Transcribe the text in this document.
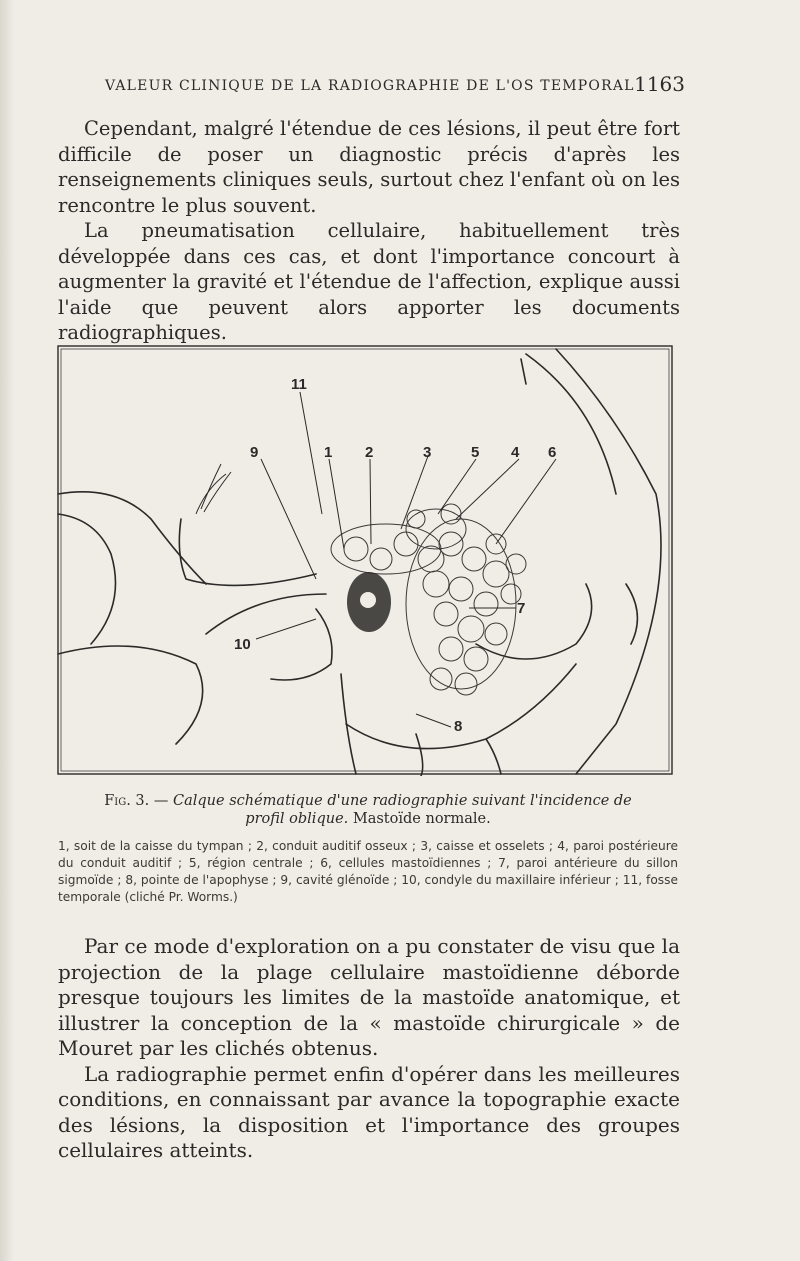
VALEUR CLINIQUE DE LA RADIOGRAPHIE DE L'OS TEMPORAL 1163

Cependant, malgré l'étendue de ces lésions, il peut être fort difficile de poser un diagnostic précis d'après les renseignements cliniques seuls, surtout chez l'enfant où on les rencontre le plus souvent.

La pneumatisation cellulaire, habituellement très développée dans ces cas, et dont l'importance concourt à augmenter la gravité et l'étendue de l'affection, explique aussi l'aide que peuvent alors apporter les documents radiographiques.

11
9	1 2	3	5 4 6
7
10
8
Fig. 3. — Calque schématique d'une radiographie suivant l'incidence de profil oblique. Mastoïde normale.
1, soit de la caisse du tympan ; 2, conduit auditif osseux ; 3, caisse et osselets ; 4, paroi postérieure du conduit auditif ; 5, région centrale ; 6, cellules mastoïdiennes ; 7, paroi antérieure du sillon sigmoïde ; 8, pointe de l'apophyse ; 9, cavité glénoïde ; 10, condyle du maxillaire inférieur ; 11, fosse temporale (cliché Pr. Worms.)

Par ce mode d'exploration on a pu constater de visu que la projection de la plage cellulaire mastoïdienne déborde presque toujours les limites de la mastoïde anatomique, et illustrer la conception de la « mastoïde chirurgicale » de Mouret par les clichés obtenus.

La radiographie permet enfin d'opérer dans les meilleures conditions, en connaissant par avance la topographie exacte des lésions, la disposition et l'importance des groupes cellulaires atteints.
